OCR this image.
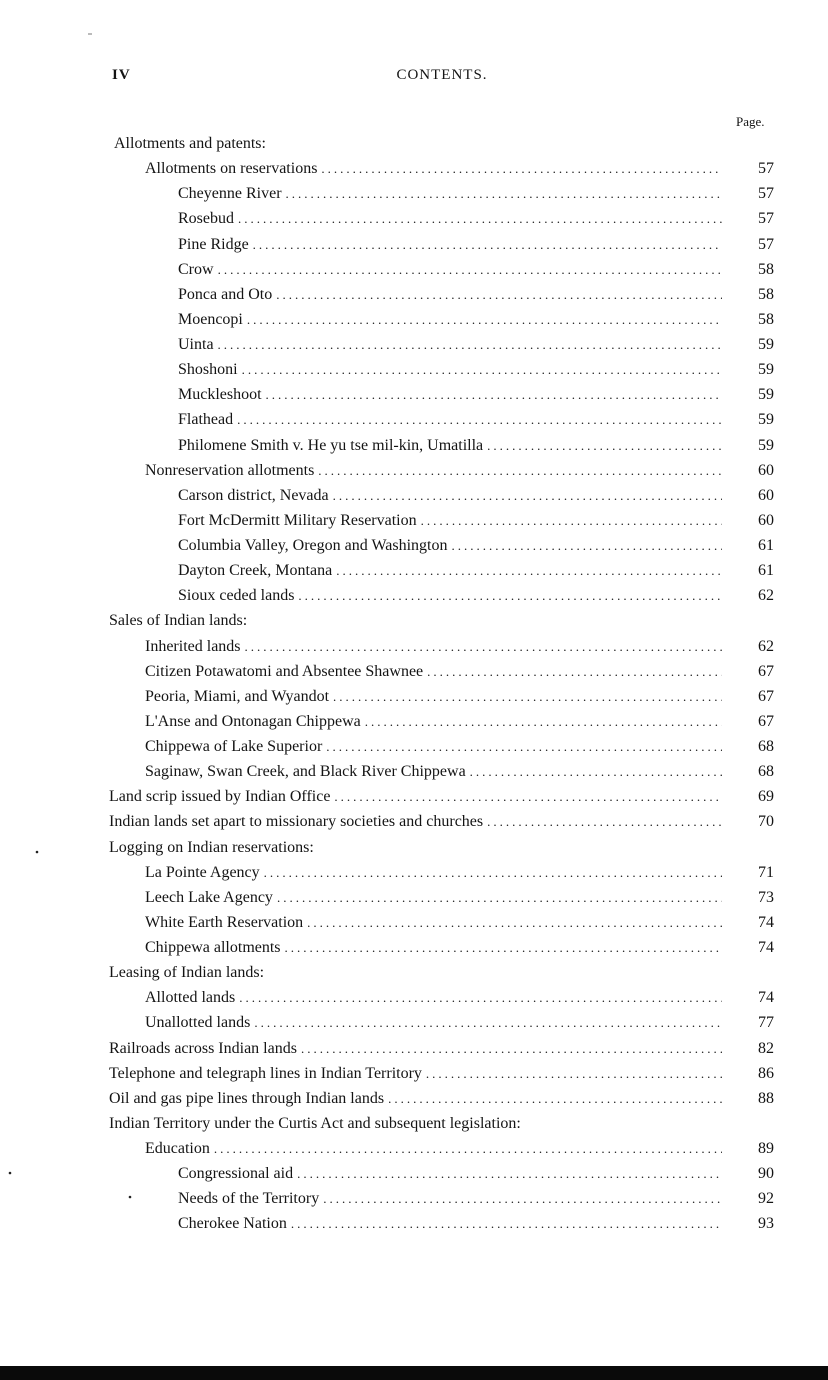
IV	CONTENTS.
Page.
Allotments and patents:
Allotments on reservations .....	57
Cheyenne River .....	57
Rosebud .....	57
Pine Ridge .....	57
Crow .....	58
Ponca and Oto .....	58
Moencopi .....	58
Uinta .....	59
Shoshoni .....	59
Muckleshoot .....	59
Flathead .....	59
Philomene Smith v. He yu tse mil-kin, Umatilla .....	59
Nonreservation allotments .....	60
Carson district, Nevada .....	60
Fort McDermitt Military Reservation .....	60
Columbia Valley, Oregon and Washington .....	61
Dayton Creek, Montana .....	61
Sioux ceded lands .....	62
Sales of Indian lands:
Inherited lands .....	62
Citizen Potawatomi and Absentee Shawnee .....	67
Peoria, Miami, and Wyandot .....	67
L'Anse and Ontonagan Chippewa .....	67
Chippewa of Lake Superior .....	68
Saginaw, Swan Creek, and Black River Chippewa .....	68
Land scrip issued by Indian Office .....	69
Indian lands set apart to missionary societies and churches .....	70
Logging on Indian reservations:
La Pointe Agency .....	71
Leech Lake Agency .....	73
White Earth Reservation .....	74
Chippewa allotments .....	74
Leasing of Indian lands:
Allotted lands .....	74
Unallotted lands .....	77
Railroads across Indian lands .....	82
Telephone and telegraph lines in Indian Territory .....	86
Oil and gas pipe lines through Indian lands .....	88
Indian Territory under the Curtis Act and subsequent legislation:
Education .....	89
Congressional aid .....	90
Needs of the Territory .....	92
Cherokee Nation .....	93
